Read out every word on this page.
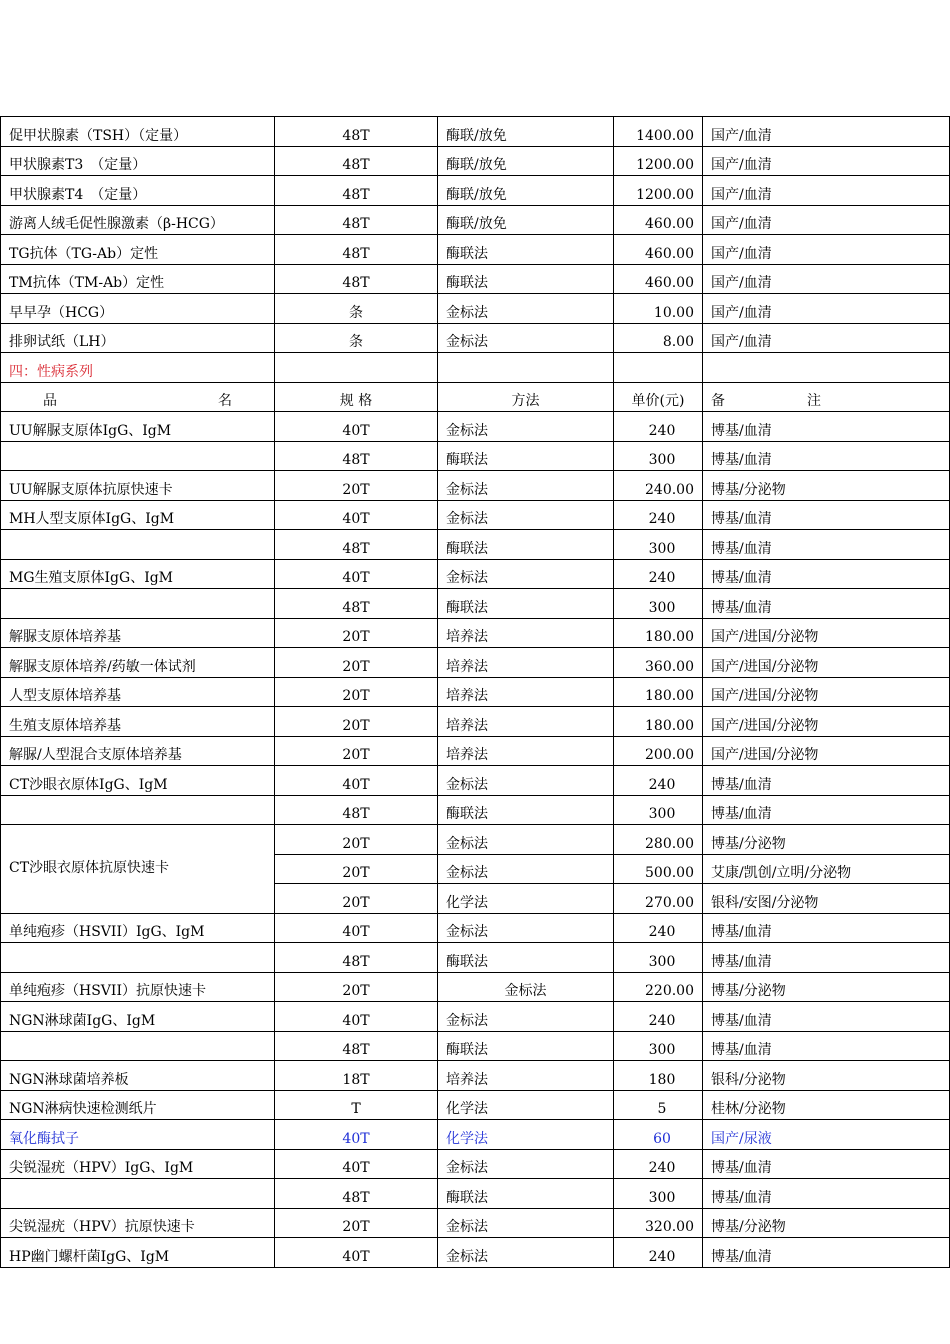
促甲状腺素（TSH）（定量）	48T	酶联/放免	1400.00	国产/血清
甲状腺素T3　（定量）	48T	酶联/放免	1200.00	国产/血清
甲状腺素T4　（定量）	48T	酶联/放免	1200.00	国产/血清
游离人绒毛促性腺激素（β-HCG）	48T	酶联/放免	460.00	国产/血清
TG抗体（TG-Ab）定性	48T	酶联法	460.00	国产/血清
TM抗体（TM-Ab）定性	48T	酶联法	460.00	国产/血清
早早孕（HCG）	条	金标法	10.00	国产/血清
排卵试纸（LH）	条	金标法	8.00	国产/血清
四：性病系列				

品 名	规 格	方法	单价(元)	备 注

UU解脲支原体IgG、IgM	40T	金标法	240	博基/血清
	48T	酶联法	300	博基/血清
UU解脲支原体抗原快速卡	20T	金标法	240.00	博基/分泌物
MH人型支原体IgG、IgM	40T	金标法	240	博基/血清
	48T	酶联法	300	博基/血清
MG生殖支原体IgG、IgM	40T	金标法	240	博基/血清
	48T	酶联法	300	博基/血清
解脲支原体培养基	20T	培养法	180.00	国产/进国/分泌物
解脲支原体培养/药敏一体试剂	20T	培养法	360.00	国产/进国/分泌物
人型支原体培养基	20T	培养法	180.00	国产/进国/分泌物
生殖支原体培养基	20T	培养法	180.00	国产/进国/分泌物
解脲/人型混合支原体培养基	20T	培养法	200.00	国产/进国/分泌物
CT沙眼衣原体IgG、IgM	40T	金标法	240	博基/血清
	48T	酶联法	300	博基/血清
CT沙眼衣原体抗原快速卡	20T	金标法	280.00	博基/分泌物
	20T	金标法	500.00	艾康/凯创/立明/分泌物
	20T	化学法	270.00	银科/安图/分泌物
单纯疱疹（HSVII）IgG、IgM	40T	金标法	240	博基/血清
	48T	酶联法	300	博基/血清
单纯疱疹（HSVII）抗原快速卡	20T	金标法	220.00	博基/分泌物
NGN淋球菌IgG、IgM	40T	金标法	240	博基/血清
	48T	酶联法	300	博基/血清
NGN淋球菌培养板	18T	培养法	180	银科/分泌物
NGN淋病快速检测纸片	T	化学法	5	桂林/分泌物
氧化酶拭子	40T	化学法	60	国产/尿液
尖锐湿疣（HPV）IgG、IgM	40T	金标法	240	博基/血清
	48T	酶联法	300	博基/血清
尖锐湿疣（HPV）抗原快速卡	20T	金标法	320.00	博基/分泌物
HP幽门螺杆菌IgG、IgM	40T	金标法	240	博基/血清
